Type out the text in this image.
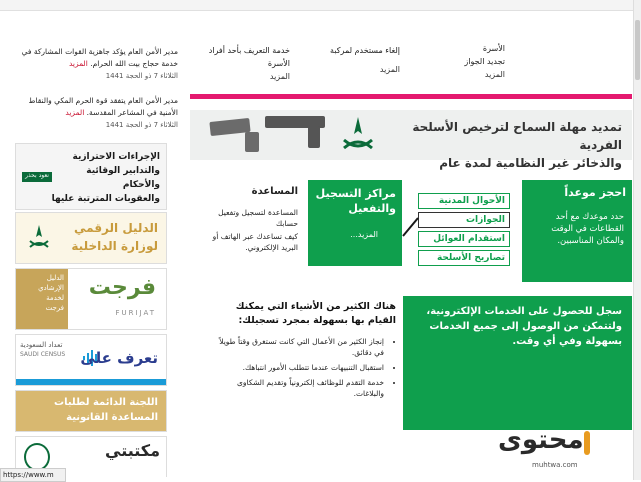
خدمة التعريف بأحد أفراد
الأسرة
المزيد
إلغاء مستخدم لمركبة
المزيد
الأسرة
تجديد الجواز
المزيد
مدير الأمن العام يؤكد جاهزية القوات المشاركة في خدمة حجاج بيت الله الحرام. المزيد
الثلاثاء 7 ذو الحجة 1441
مدير الأمن العام يتفقد قوة الحرم المكي والنقاط الأمنية في المشاعر المقدسة. المزيد
الثلاثاء 7 ذو الحجة 1441
نعود بحذر
الإجراءات الاحترازية
والتدابير الوقائية والأحكام
والعقوبات المترتبة عليها
الدليل الرقمي
لوزارة الداخلية
الدليل
الإرشادي
لخدمة
فرجت
فرجت
FURIJAT
تعداد السعودية
SAUDI CENSUS تعرف على
اللجنة الدائمة لطلبات
المساعدة القانونية
مكتبتي
تمديد مهلة السماح لترخيص الأسلحة الفردية
والذخائر غير النظامية لمدة عام
احجز موعداً
حدد موعدك مع أحد القطاعات في الوقت والمكان المناسبين.
الأحوال المدنية
الجوازات
استقدام العوائل
تصاريح الأسلحة
مراكز التسجيل والتفعيل
المزيد...
المساعدة
المساعدة لتسجيل وتفعيل حسابك
كيف تساعدك عبر الهاتف أو البريد الإلكتروني.
سجل للحصول على الخدمات الإلكترونية، ولتتمكن من الوصول إلى جميع الخدمات بسهولة وفي أي وقت.
هناك الكثير من الأشياء التي يمكنك القيام بها بسهولة بمجرد تسجيلك:
• إنجاز الكثير من الأعمال التي كانت تستغرق وقتاً طويلاً في دقائق.
• استقبال التنبيهات عندما تتطلب الأمور انتباهك.
• خدمة التقدم للوظائف إلكترونياً وتقديم الشكاوى والبلاغات.
محتوى
muhtwa.com
https://www.m
